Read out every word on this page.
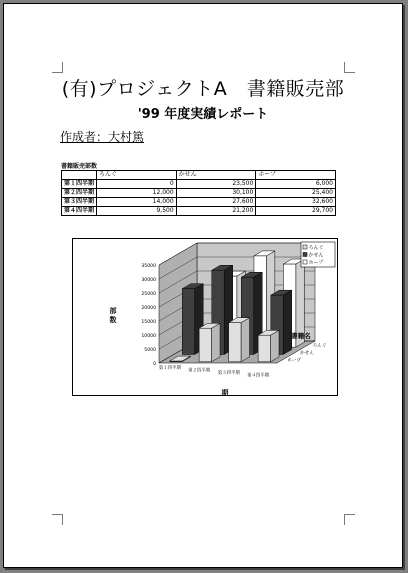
(有)プロジェクトA　書籍販売部
'99 年度実績レポート
作成者：大村篤
書籍販売部数
	ろんぐ	かせん	ホープ
第１四半期	0	23,500	6,000
第２四半期	12,000	30,100	25,400
第３四半期	14,000	27,600	32,600
第４四半期	9,500	21,200	29,700
0
5000
10000
15000
20000
25000
30000
35000
第１四半期 第２四半期 第３四半期 第４四半期
ろんぐ
かせん
ホープ
部
数
期
書籍名
ろんぐ
かせん
ホープ
